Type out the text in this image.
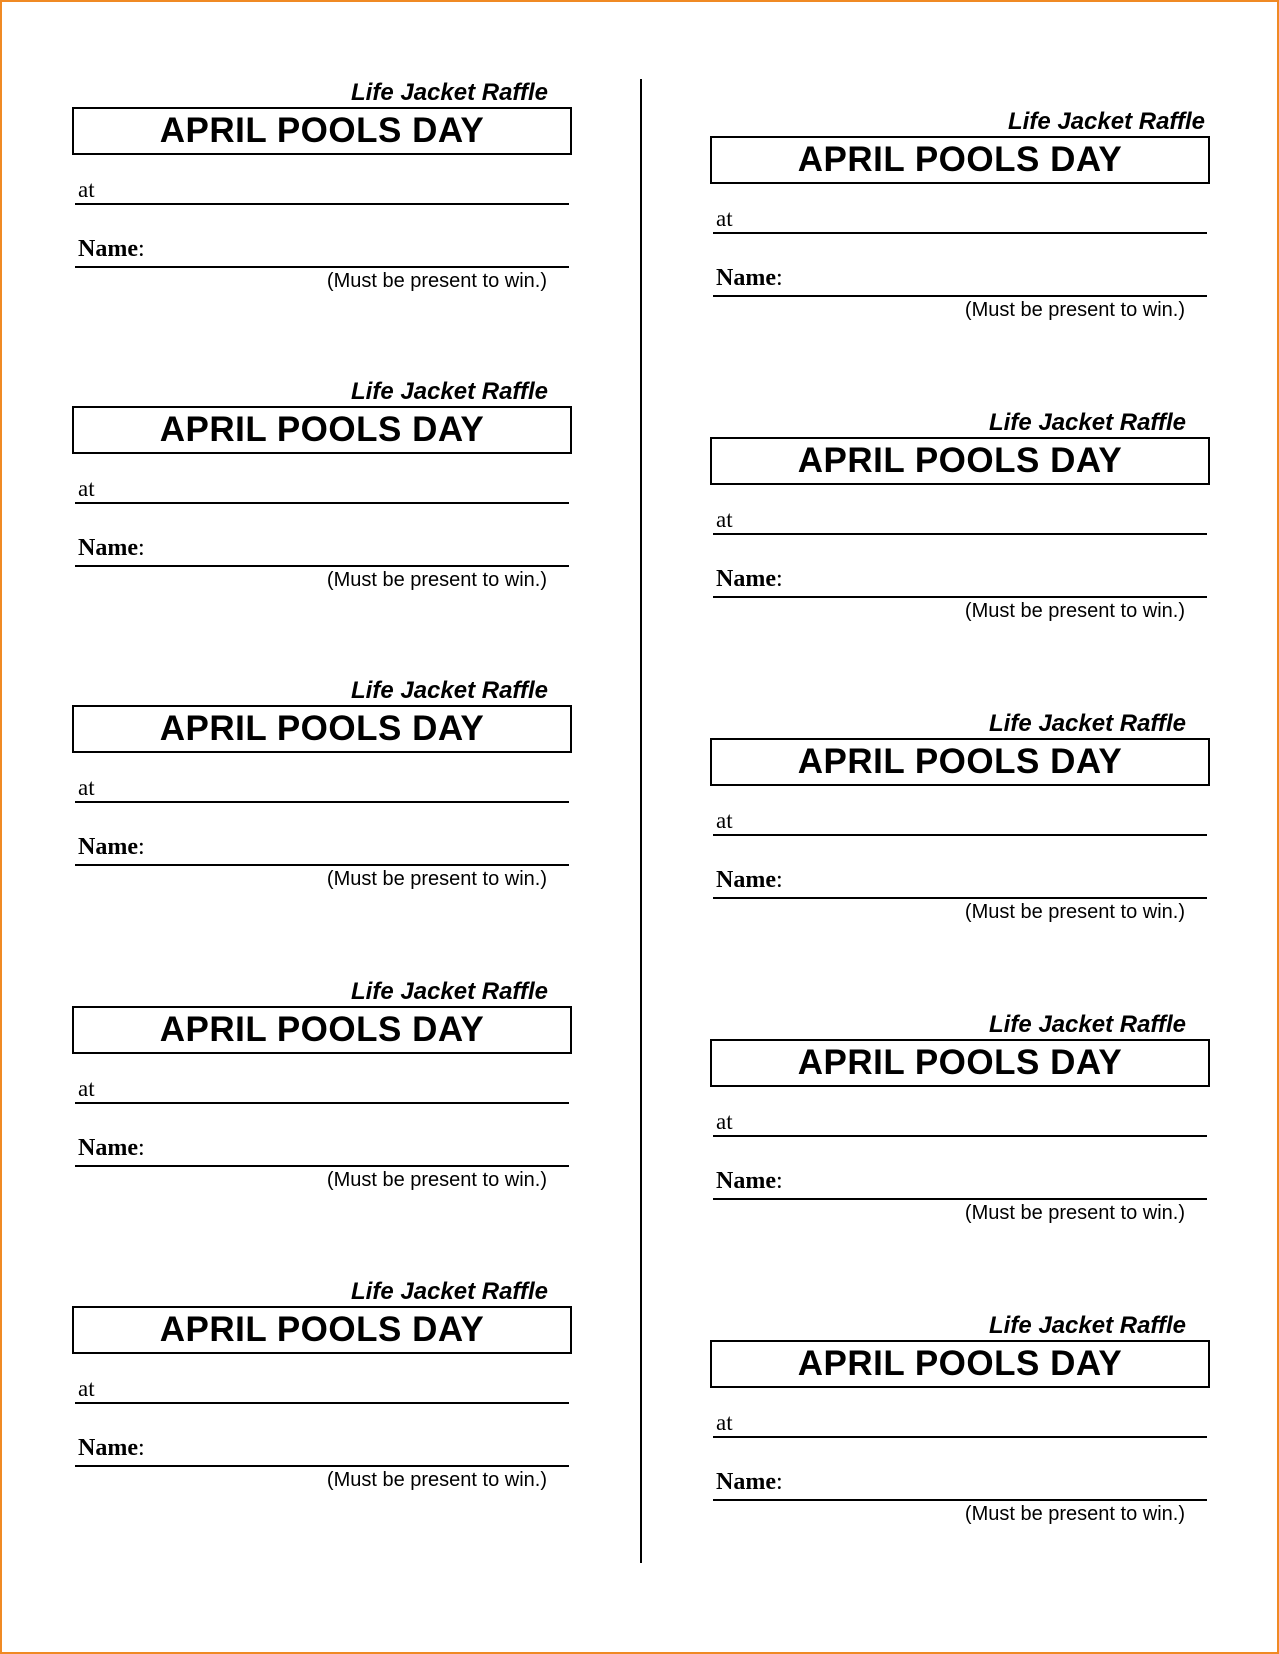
Life Jacket Raffle
APRIL POOLS DAY
at
Name:
(Must be present to win.)
Life Jacket Raffle
APRIL POOLS DAY
at
Name:
(Must be present to win.)
Life Jacket Raffle
APRIL POOLS DAY
at
Name:
(Must be present to win.)
Life Jacket Raffle
APRIL POOLS DAY
at
Name:
(Must be present to win.)
Life Jacket Raffle
APRIL POOLS DAY
at
Name:
(Must be present to win.)
Life Jacket Raffle
APRIL POOLS DAY
at
Name:
(Must be present to win.)
Life Jacket Raffle
APRIL POOLS DAY
at
Name:
(Must be present to win.)
Life Jacket Raffle
APRIL POOLS DAY
at
Name:
(Must be present to win.)
Life Jacket Raffle
APRIL POOLS DAY
at
Name:
(Must be present to win.)
Life Jacket Raffle
APRIL POOLS DAY
at
Name:
(Must be present to win.)
